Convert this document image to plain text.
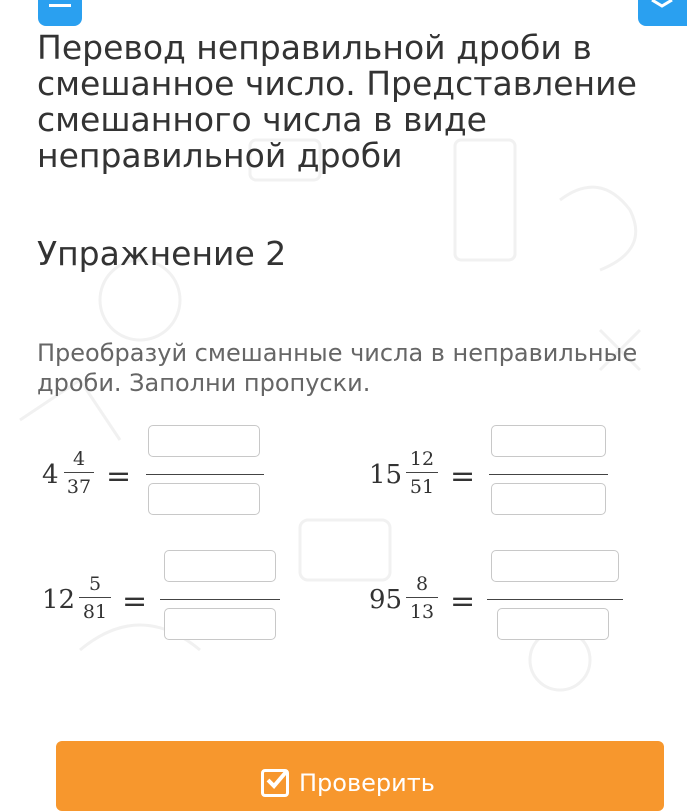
Перевод неправильной дроби в смешанное число. Представление смешанного числа в виде неправильной дроби
Упражнение 2

Преобразуй смешанные числа в неправильные дроби. Заполни пропуски.

4
4
37 =	15
12
51 =
12
5
81 =	95
8
13 =
Проверить
